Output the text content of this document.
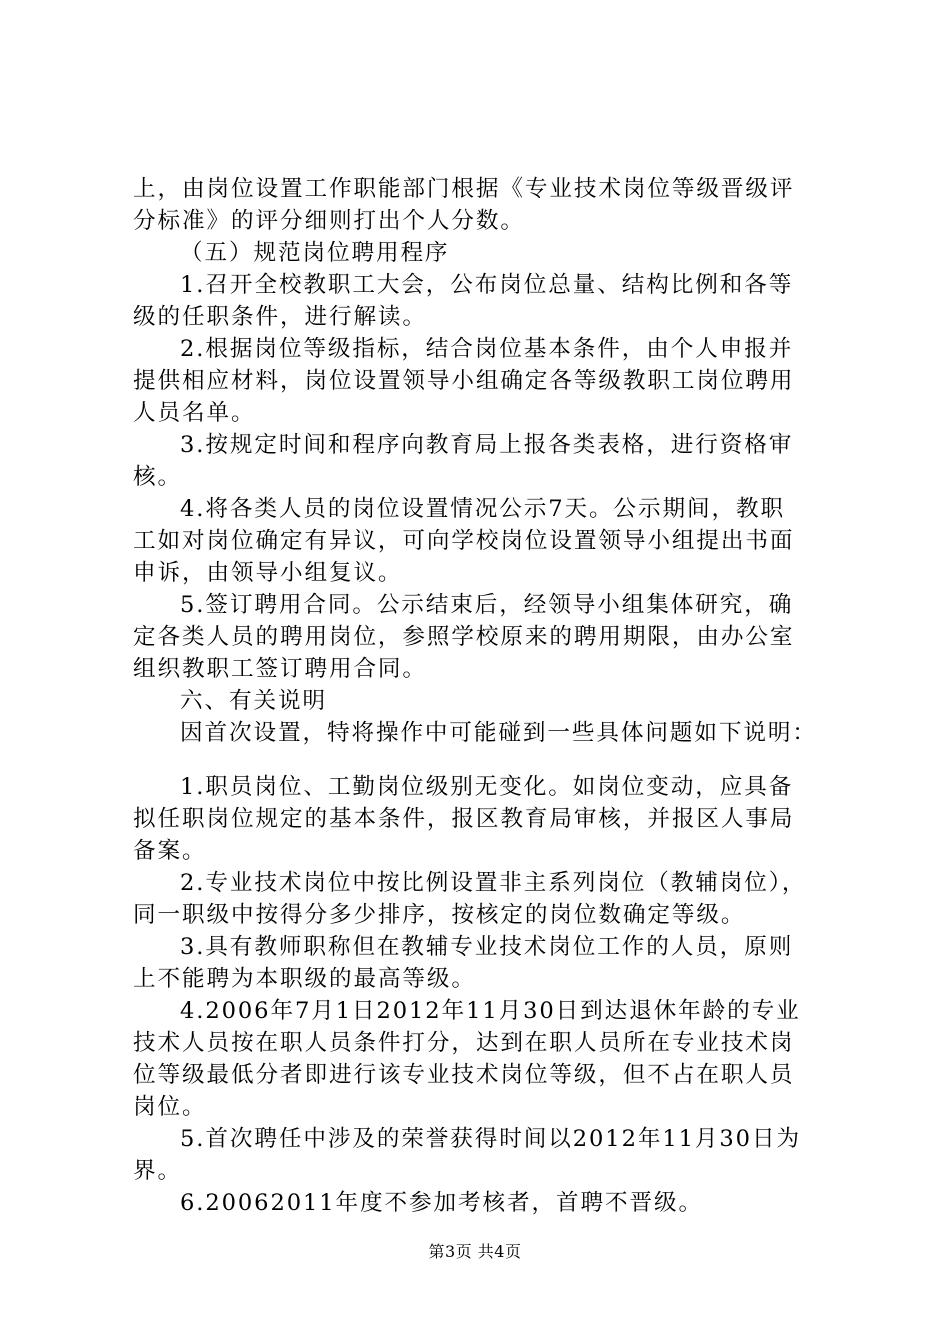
上，由岗位设置工作职能部门根据《专业技术岗位等级晋级评
分标准》的评分细则打出个人分数。
（五）规范岗位聘用程序
1.召开全校教职工大会，公布岗位总量、结构比例和各等
级的任职条件，进行解读。
2.根据岗位等级指标，结合岗位基本条件，由个人申报并
提供相应材料，岗位设置领导小组确定各等级教职工岗位聘用
人员名单。
3.按规定时间和程序向教育局上报各类表格，进行资格审
核。
4.将各类人员的岗位设置情况公示7天。公示期间，教职
工如对岗位确定有异议，可向学校岗位设置领导小组提出书面
申诉，由领导小组复议。
5.签订聘用合同。公示结束后，经领导小组集体研究，确
定各类人员的聘用岗位，参照学校原来的聘用期限，由办公室
组织教职工签订聘用合同。
六、有关说明
因首次设置，特将操作中可能碰到一些具体问题如下说明：
1.职员岗位、工勤岗位级别无变化。如岗位变动，应具备
拟任职岗位规定的基本条件，报区教育局审核，并报区人事局
备案。
2.专业技术岗位中按比例设置非主系列岗位（教辅岗位），
同一职级中按得分多少排序，按核定的岗位数确定等级。
3.具有教师职称但在教辅专业技术岗位工作的人员，原则
上不能聘为本职级的最高等级。
4.2006年7月1日2012年11月30日到达退休年龄的专业
技术人员按在职人员条件打分，达到在职人员所在专业技术岗
位等级最低分者即进行该专业技术岗位等级，但不占在职人员
岗位。
5.首次聘任中涉及的荣誉获得时间以2012年11月30日为
界。
6.20062011年度不参加考核者，首聘不晋级。
第3页 共4页
